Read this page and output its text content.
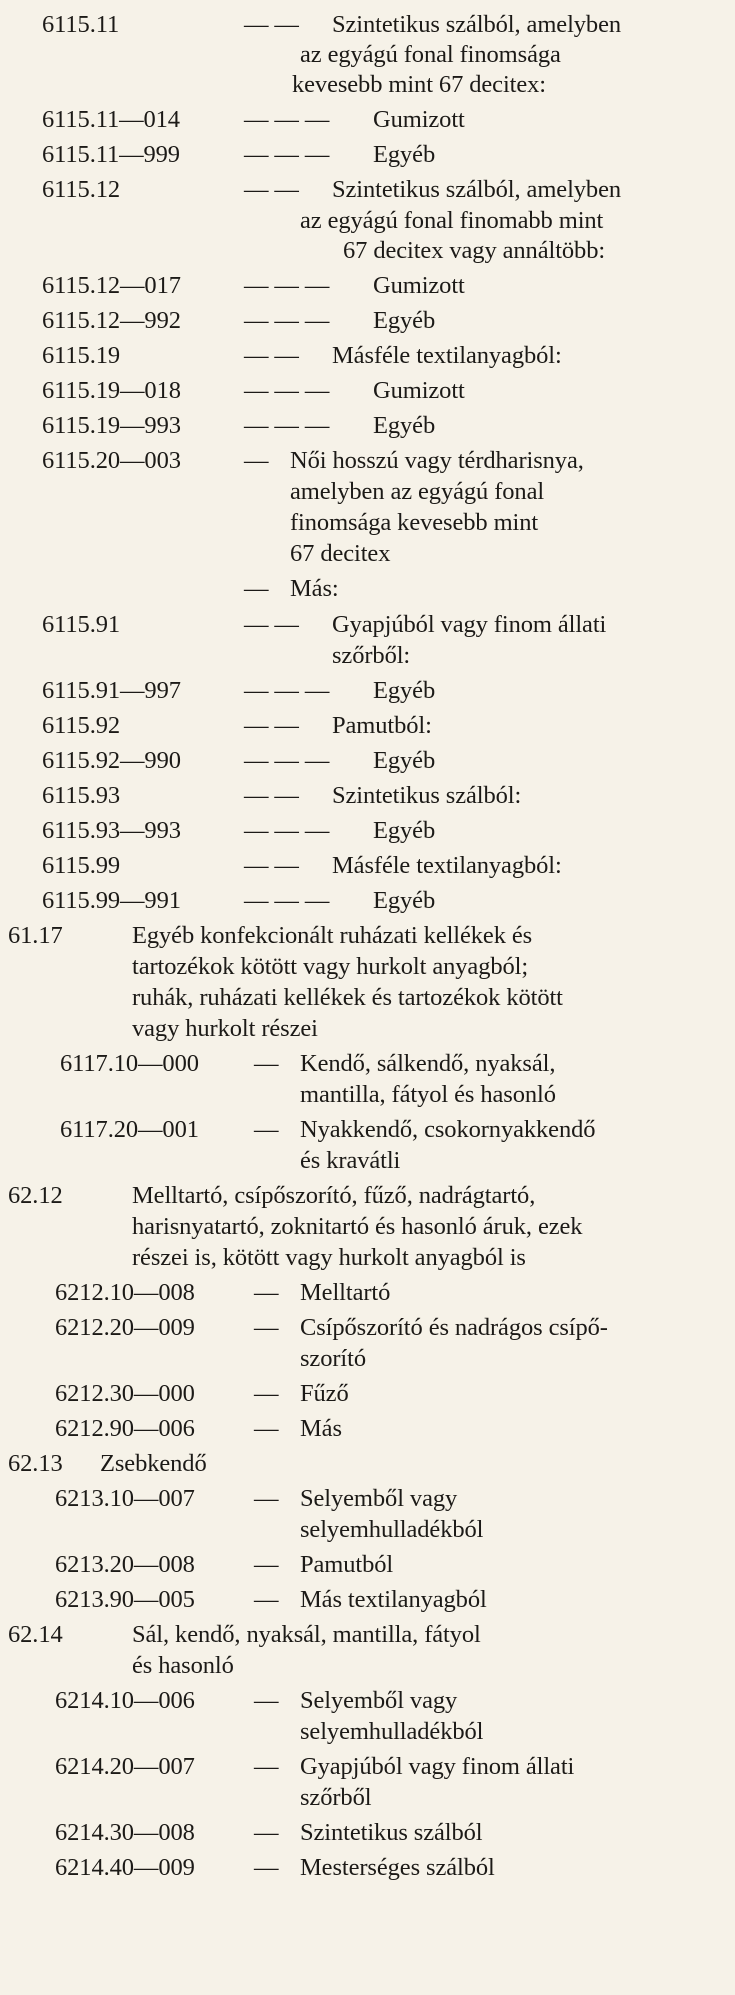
6115.11	— — Szintetikus szálból, amelyben
az egyágú fonal finomsága
kevesebb mint 67 decitex:
6115.11—014	— — — Gumizott
6115.11—999	— — — Egyéb
6115.12	— — Szintetikus szálból, amelyben
az egyágú fonal finomabb mint
67 decitex vagy annáltöbb:
6115.12—017	— — — Gumizott
6115.12—992	— — — Egyéb
6115.19	— — Másféle textilanyagból:
6115.19—018	— — — Gumizott
6115.19—993	— — — Egyéb
6115.20—003	— Női hosszú vagy térdharisnya,
amelyben az egyágú fonal
finomsága kevesebb mint
67 decitex
— Más:
6115.91	— — Gyapjúból vagy finom állati
szőrből:
6115.91—997	— — — Egyéb
6115.92	— — Pamutból:
6115.92—990	— — — Egyéb
6115.93	— — Szintetikus szálból:
6115.93—993	— — — Egyéb
6115.99	— — Másféle textilanyagból:
6115.99—991	— — — Egyéb
61.17	Egyéb konfekcionált ruházati kellékek és
tartozékok kötött vagy hurkolt anyagból;
ruhák, ruházati kellékek és tartozékok kötött
vagy hurkolt részei
6117.10—000 — Kendő, sálkendő, nyaksál,
mantilla, fátyol és hasonló
6117.20—001 — Nyakkendő, csokornyakkendő
és kravátli
62.12	Melltartó, csípőszorító, fűző, nadrágtartó,
harisnyatartó, zoknitartó és hasonló áruk, ezek
részei is, kötött vagy hurkolt anyagból is
6212.10—008 — Melltartó
6212.20—009 — Csípőszorító és nadrágos csípő-
szorító
6212.30—000 — Fűző
6212.90—006 — Más
62.13 Zsebkendő
6213.10—007 — Selyemből vagy
selyemhulladékból
6213.20—008 — Pamutból
6213.90—005 — Más textilanyagból
62.14	Sál, kendő, nyaksál, mantilla, fátyol
és hasonló
6214.10—006 — Selyemből vagy
selyemhulladékból
6214.20—007 — Gyapjúból vagy finom állati
szőrből
6214.30—008 — Szintetikus szálból
6214.40—009 — Mesterséges szálból
